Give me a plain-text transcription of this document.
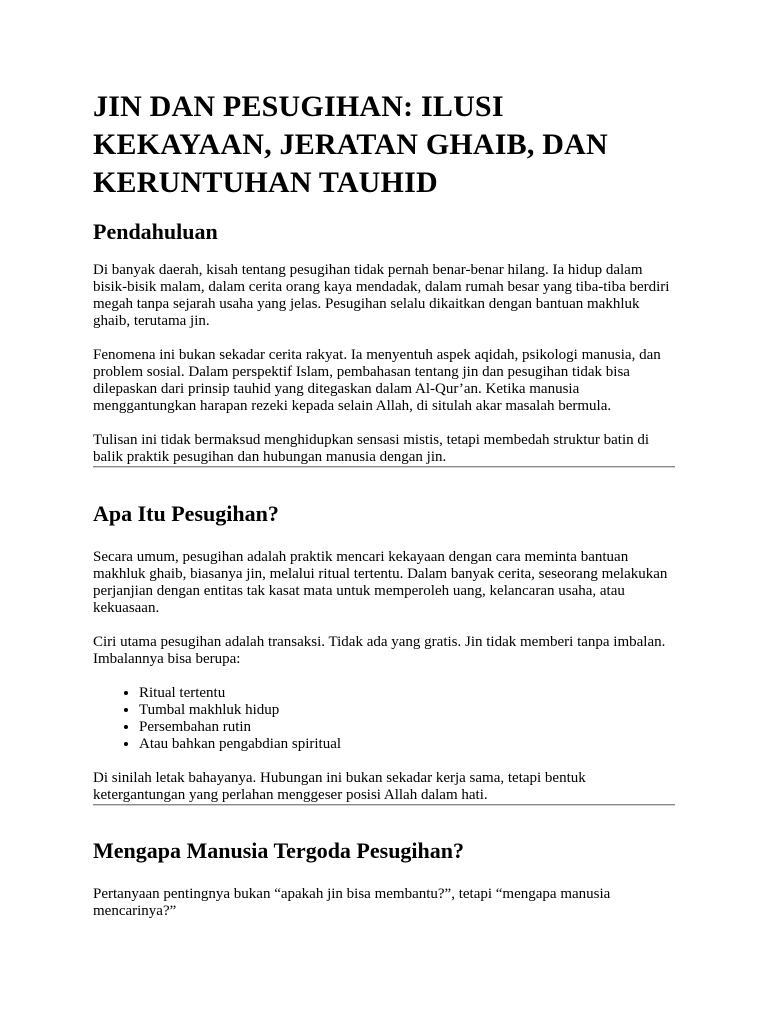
JIN DAN PESUGIHAN: ILUSI KEKAYAAN, JERATAN GHAIB, DAN KERUNTUHAN TAUHID
Pendahuluan

Di banyak daerah, kisah tentang pesugihan tidak pernah benar-benar hilang. Ia hidup dalam bisik-bisik malam, dalam cerita orang kaya mendadak, dalam rumah besar yang tiba-tiba berdiri megah tanpa sejarah usaha yang jelas. Pesugihan selalu dikaitkan dengan bantuan makhluk ghaib, terutama jin.

Fenomena ini bukan sekadar cerita rakyat. Ia menyentuh aspek aqidah, psikologi manusia, dan problem sosial. Dalam perspektif Islam, pembahasan tentang jin dan pesugihan tidak bisa dilepaskan dari prinsip tauhid yang ditegaskan dalam Al-Qur’an. Ketika manusia menggantungkan harapan rezeki kepada selain Allah, di situlah akar masalah bermula.

Tulisan ini tidak bermaksud menghidupkan sensasi mistis, tetapi membedah struktur batin di balik praktik pesugihan dan hubungan manusia dengan jin.

Apa Itu Pesugihan?

Secara umum, pesugihan adalah praktik mencari kekayaan dengan cara meminta bantuan makhluk ghaib, biasanya jin, melalui ritual tertentu. Dalam banyak cerita, seseorang melakukan perjanjian dengan entitas tak kasat mata untuk memperoleh uang, kelancaran usaha, atau kekuasaan.

Ciri utama pesugihan adalah transaksi. Tidak ada yang gratis. Jin tidak memberi tanpa imbalan. Imbalannya bisa berupa:

• Ritual tertentu
• Tumbal makhluk hidup
• Persembahan rutin
• Atau bahkan pengabdian spiritual

Di sinilah letak bahayanya. Hubungan ini bukan sekadar kerja sama, tetapi bentuk ketergantungan yang perlahan menggeser posisi Allah dalam hati.

Mengapa Manusia Tergoda Pesugihan?

Pertanyaan pentingnya bukan “apakah jin bisa membantu?”, tetapi “mengapa manusia mencarinya?”
